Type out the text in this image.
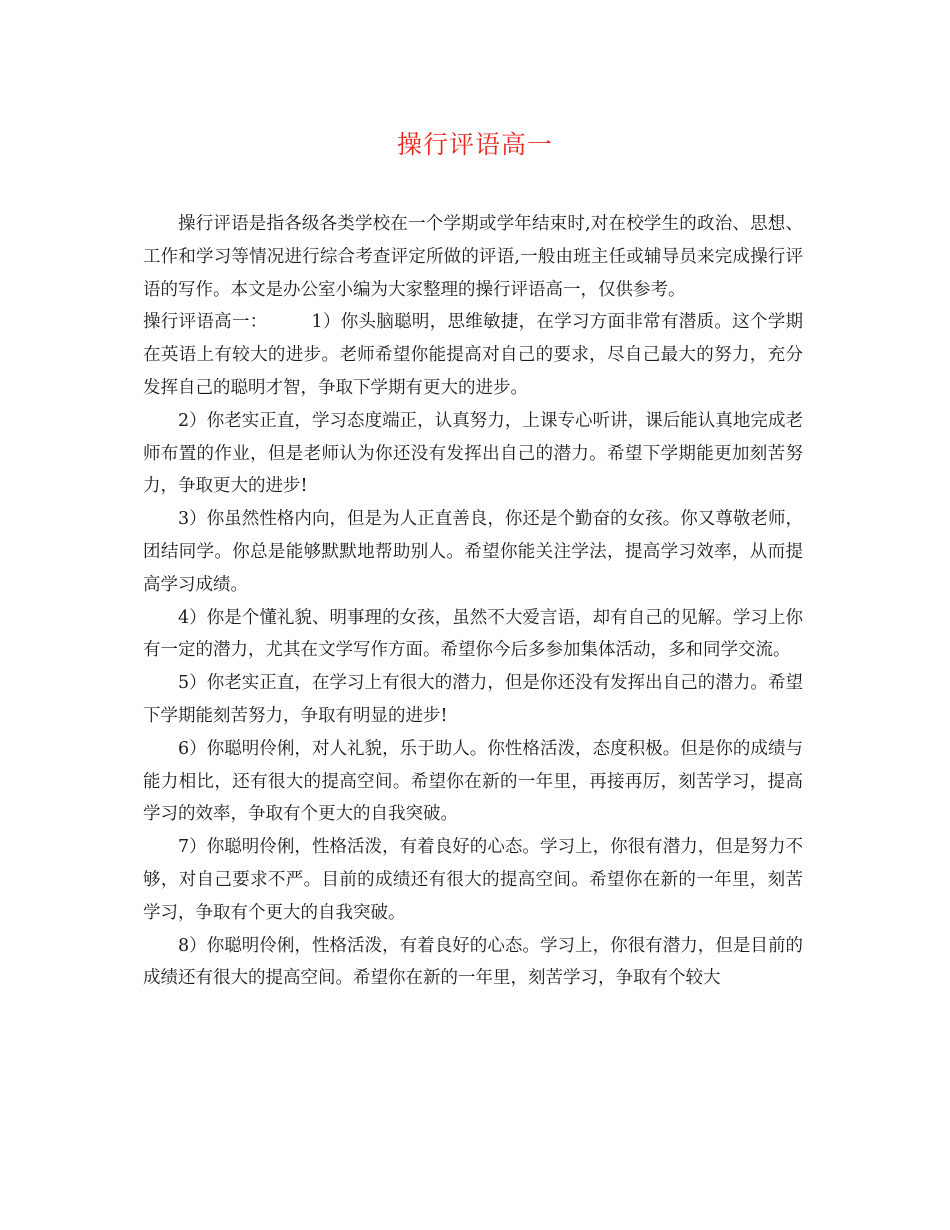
操行评语高一

操行评语是指各级各类学校在一个学期或学年结束时,对在校学生的政治、思想、工作和学习等情况进行综合考查评定所做的评语,一般由班主任或辅导员来完成操行评语的写作。本文是办公室小编为大家整理的操行评语高一，仅供参考。

操行评语高一：	1）你头脑聪明，思维敏捷，在学习方面非常有潜质。这个学期在英语上有较大的进步。老师希望你能提高对自己的要求，尽自己最大的努力，充分发挥自己的聪明才智，争取下学期有更大的进步。

2）你老实正直，学习态度端正，认真努力，上课专心听讲，课后能认真地完成老师布置的作业，但是老师认为你还没有发挥出自己的潜力。希望下学期能更加刻苦努力，争取更大的进步!

3）你虽然性格内向，但是为人正直善良，你还是个勤奋的女孩。你又尊敬老师，团结同学。你总是能够默默地帮助别人。希望你能关注学法，提高学习效率，从而提高学习成绩。

4）你是个懂礼貌、明事理的女孩，虽然不大爱言语，却有自己的见解。学习上你有一定的潜力，尤其在文学写作方面。希望你今后多参加集体活动，多和同学交流。

5）你老实正直，在学习上有很大的潜力，但是你还没有发挥出自己的潜力。希望下学期能刻苦努力，争取有明显的进步!

6）你聪明伶俐，对人礼貌，乐于助人。你性格活泼，态度积极。但是你的成绩与能力相比，还有很大的提高空间。希望你在新的一年里，再接再厉，刻苦学习，提高学习的效率，争取有个更大的自我突破。

7）你聪明伶俐，性格活泼，有着良好的心态。学习上，你很有潜力，但是努力不够，对自己要求不严。目前的成绩还有很大的提高空间。希望你在新的一年里，刻苦学习，争取有个更大的自我突破。

8）你聪明伶俐，性格活泼，有着良好的心态。学习上，你很有潜力，但是目前的成绩还有很大的提高空间。希望你在新的一年里，刻苦学习，争取有个较大
